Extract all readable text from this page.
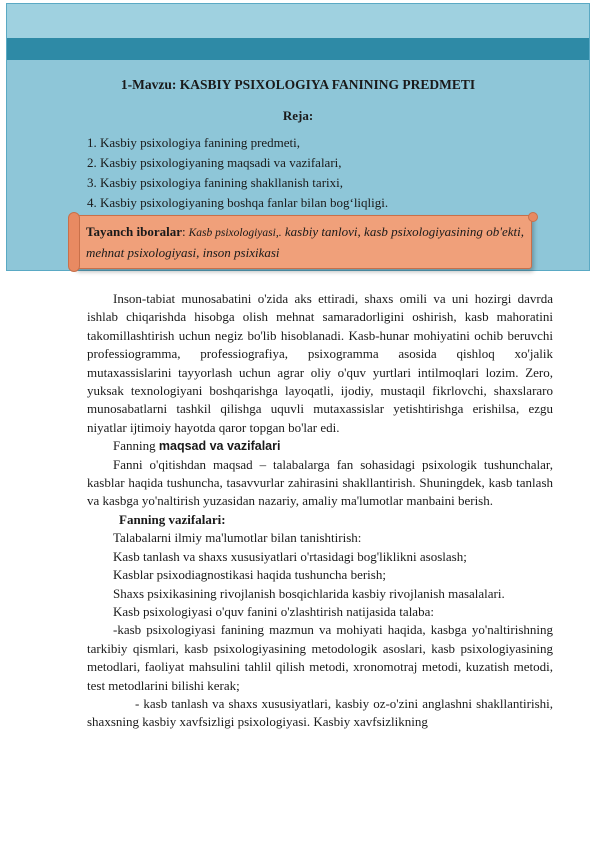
1-Mavzu: KASBIY PSIXOLOGIYA FANINING PREDMETI
Reja:
1. Kasbiy psixologiya fanining predmeti,
2. Kasbiy psixologiyaning maqsadi va vazifalari,
3. Kasbiy psixologiya fanining shakllanish tarixi,
4. Kasbiy psixologiyaning boshqa fanlar bilan bog‘liqligi.
Tayanch iboralar: Kasb psixologiyasi,. kasbiy tanlovi, kasb psixologiyasining ob'ekti, mehnat psixologiyasi, inson psixikasi

Inson-tabiat munosabatini o'zida aks ettiradi, shaxs omili va uni hozirgi davrda ishlab chiqarishda hisobga olish mehnat samaradorligini oshirish, kasb mahoratini takomillashtirish uchun negiz bo'lib hisoblanadi. Kasb-hunar mohiyatini ochib beruvchi professiogramma, professiografiya, psixogramma asosida qishloq xo'jalik mutaxassislarini tayyorlash uchun agrar oliy o'quv yurtlari intilmoqlari lozim. Zero, yuksak texnologiyani boshqarishga layoqatli, ijodiy, mustaqil fikrlovchi, shaxslararo munosabatlarni tashkil qilishga uquvli mutaxassislar yetishtirishga erishilsa, ezgu niyatlar ijtimoiy hayotda qaror topgan bo'lar edi.

Fanning maqsad va vazifalari

Fanni o'qitishdan maqsad – talabalarga fan sohasidagi psixologik tushunchalar, kasblar haqida tushuncha, tasavvurlar zahirasini shakllantirish. Shuningdek, kasb tanlash va kasbga yo'naltirish yuzasidan nazariy, amaliy ma'lumotlar manbaini berish.

Fanning vazifalari:

Talabalarni ilmiy ma'lumotlar bilan tanishtirish:

Kasb tanlash va shaxs xususiyatlari o'rtasidagi bog'liklikni asoslash;

Kasblar psixodiagnostikasi haqida tushuncha berish;

Shaxs psixikasining rivojlanish bosqichlarida kasbiy rivojlanish masalalari.

Kasb psixologiyasi o'quv fanini o'zlashtirish natijasida talaba:

-kasb psixologiyasi fanining mazmun va mohiyati haqida, kasbga yo'naltirishning tarkibiy qismlari, kasb psixologiyasining metodologik asoslari, kasb psixologiyasining metodlari, faoliyat mahsulini tahlil qilish metodi, xronomotraj metodi, kuzatish metodi, test metodlarini bilishi kerak;

- kasb tanlash va shaxs xususiyatlari, kasbiy oz-o'zini anglashni shakllantirishi, shaxsning kasbiy xavfsizligi psixologiyasi. Kasbiy xavfsizlikning
